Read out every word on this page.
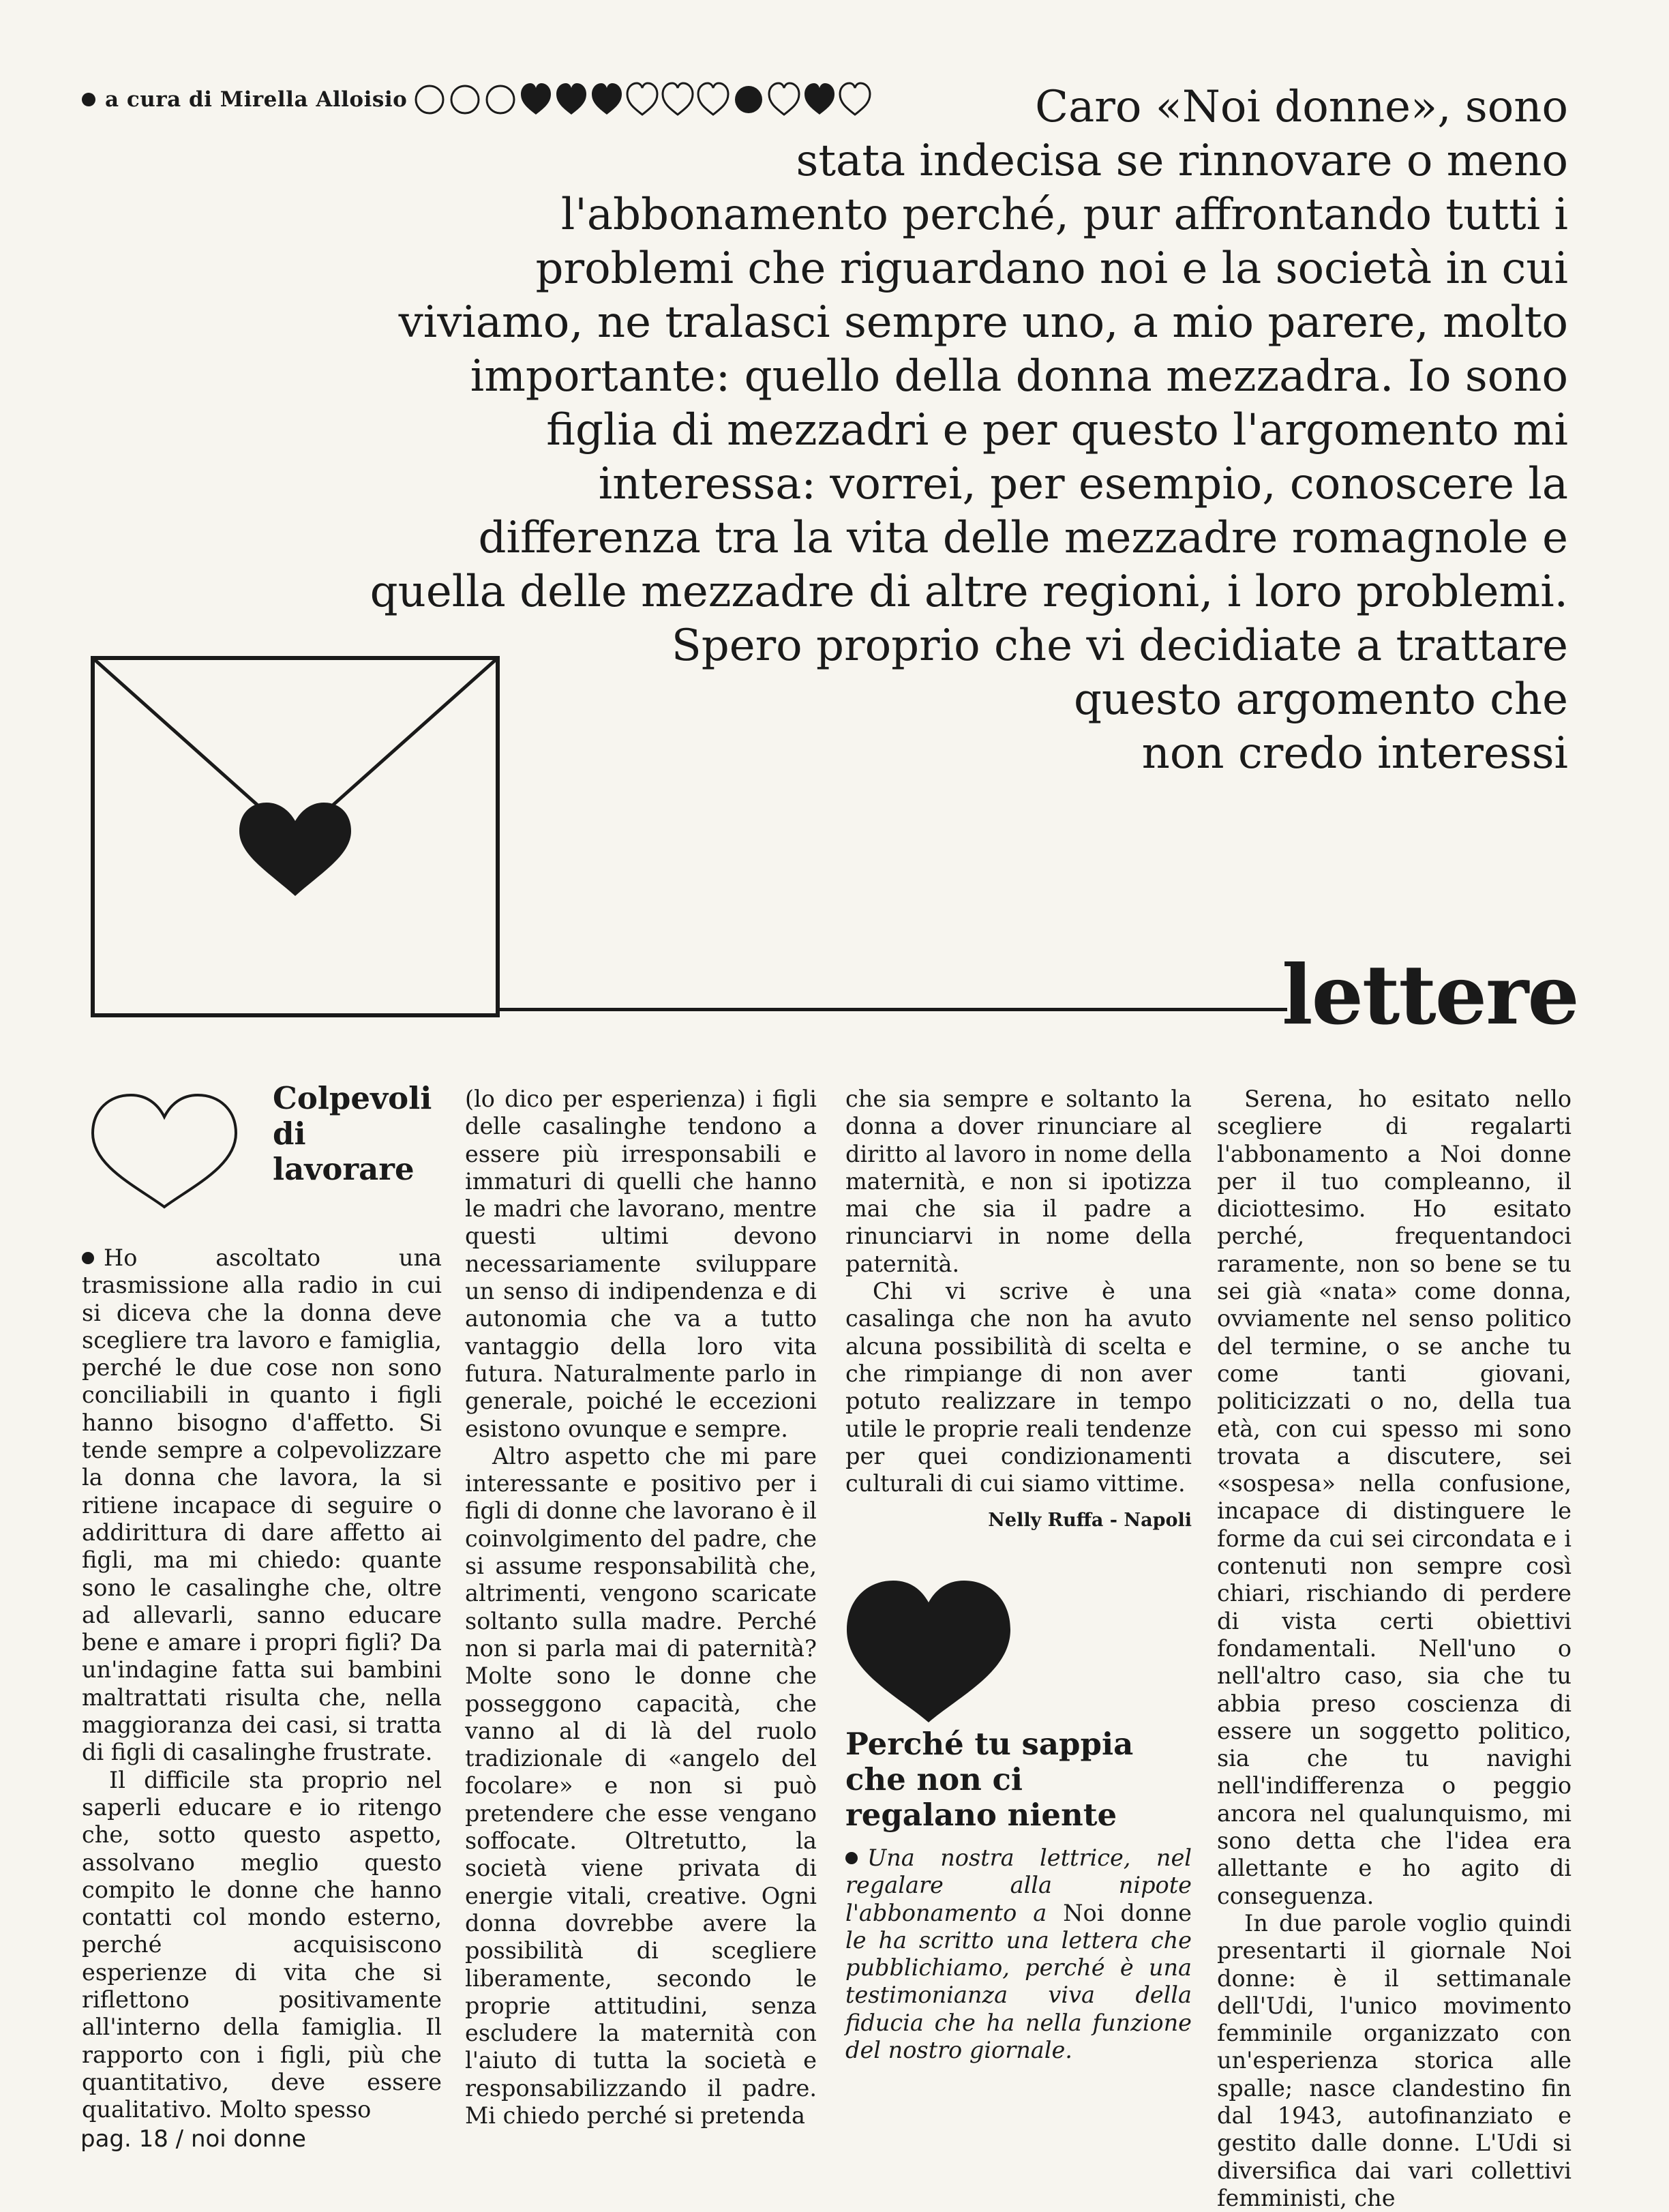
a cura di Mirella Alloisio	Caro «Noi donne», sono
stata indecisa se rinnovare o meno
l'abbonamento perché, pur affrontando tutti i
problemi che riguardano noi e la società in cui
viviamo, ne tralasci sempre uno, a mio parere, molto
importante: quello della donna mezzadra. Io sono
figlia di mezzadri e per questo l'argomento mi
interessa: vorrei, per esempio, conoscere la
differenza tra la vita delle mezzadre romagnole e
quella delle mezzadre di altre regioni, i loro problemi.
Spero proprio che vi decidiate a trattare
questo argomento che
non credo interessi
lettere
Colpevoli
di
lavorare

Ho ascoltato una trasmissione alla radio in cui si diceva che la donna deve scegliere tra lavoro e famiglia, perché le due cose non sono conciliabili in quanto i figli hanno bisogno d'affetto. Si tende sempre a colpevolizzare la donna che lavora, la si ritiene incapace di seguire o addirittura di dare affetto ai figli, ma mi chiedo: quante sono le casalinghe che, oltre ad allevarli, sanno educare bene e amare i propri figli? Da un'indagine fatta sui bambini maltrattati risulta che, nella maggioranza dei casi, si tratta di figli di casalinghe frustrate.

Il difficile sta proprio nel saperli educare e io ritengo che, sotto questo aspetto, assolvano meglio questo compito le donne che hanno contatti col mondo esterno, perché acquisiscono esperienze di vita che si riflettono positivamente all'interno della famiglia. Il rapporto con i figli, più che quantitativo, deve essere qualitativo. Molto spesso

(lo dico per esperienza) i figli delle casalinghe tendono a essere più irresponsabili e immaturi di quelli che hanno le madri che lavorano, mentre questi ultimi devono necessariamente sviluppare un senso di indipendenza e di autonomia che va a tutto vantaggio della loro vita futura. Naturalmente parlo in generale, poiché le eccezioni esistono ovunque e sempre.

Altro aspetto che mi pare interessante e positivo per i figli di donne che lavorano è il coinvolgimento del padre, che si assume responsabilità che, altrimenti, vengono scaricate soltanto sulla madre. Perché non si parla mai di paternità? Molte sono le donne che posseggono capacità, che vanno al di là del ruolo tradizionale di «angelo del focolare» e non si può pretendere che esse vengano soffocate. Oltretutto, la società viene privata di energie vitali, creative. Ogni donna dovrebbe avere la possibilità di scegliere liberamente, secondo le proprie attitudini, senza escludere la maternità con l'aiuto di tutta la società e responsabilizzando il padre. Mi chiedo perché si pretenda

che sia sempre e soltanto la donna a dover rinunciare al diritto al lavoro in nome della maternità, e non si ipotizza mai che sia il padre a rinunciarvi in nome della paternità.

Chi vi scrive è una casalinga che non ha avuto alcuna possibilità di scelta e che rimpiange di non aver potuto realizzare in tempo utile le proprie reali tendenze per quei condizionamenti culturali di cui siamo vittime.

Nelly Ruffa - Napoli
Perché tu sappia
che non ci
regalano niente

Una nostra lettrice, nel regalare alla nipote l'abbonamento a Noi donne le ha scritto una lettera che pubblichiamo, perché è una testimonianza viva della fiducia che ha nella funzione del nostro giornale.

Serena, ho esitato nello scegliere di regalarti l'abbonamento a Noi donne per il tuo compleanno, il diciottesimo. Ho esitato perché, frequentandoci raramente, non so bene se tu sei già «nata» come donna, ovviamente nel senso politico del termine, o se anche tu come tanti giovani, politicizzati o no, della tua età, con cui spesso mi sono trovata a discutere, sei «sospesa» nella confusione, incapace di distinguere le forme da cui sei circondata e i contenuti non sempre così chiari, rischiando di perdere di vista certi obiettivi fondamentali. Nell'uno o nell'altro caso, sia che tu abbia preso coscienza di essere un soggetto politico, sia che tu navighi nell'indifferenza o peggio ancora nel qualunquismo, mi sono detta che l'idea era allettante e ho agito di conseguenza.

In due parole voglio quindi presentarti il giornale Noi donne: è il settimanale dell'Udi, l'unico movimento femminile organizzato con un'esperienza storica alle spalle; nasce clandestino fin dal 1943, autofinanziato e gestito dalle donne. L'Udi si diversifica dai vari collettivi femministi, che

pag. 18 / noi donne
